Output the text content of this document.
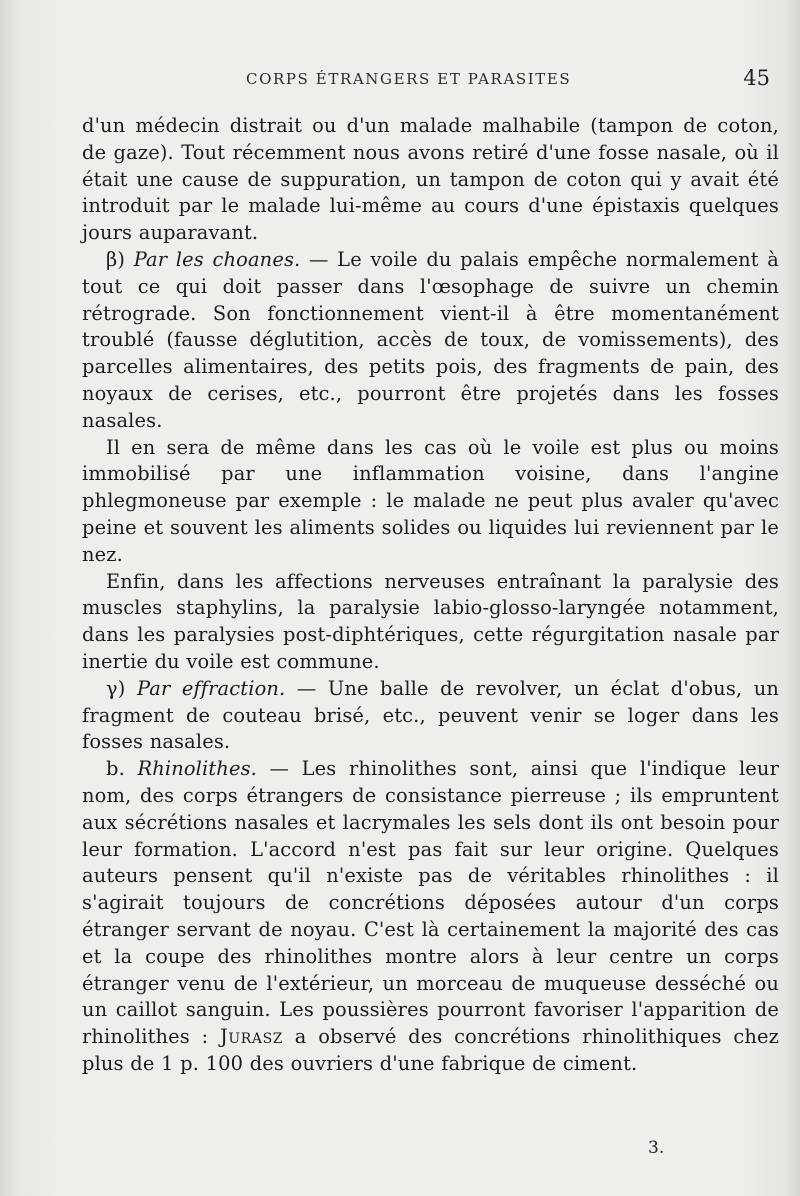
CORPS ÉTRANGERS ET PARASITES	45

d'un médecin distrait ou d'un malade malhabile (tampon de coton, de gaze). Tout récemment nous avons retiré d'une fosse nasale, où il était une cause de suppuration, un tampon de coton qui y avait été introduit par le malade lui-même au cours d'une épistaxis quelques jours auparavant.

β) Par les choanes. — Le voile du palais empêche normalement à tout ce qui doit passer dans l'œsophage de suivre un chemin rétrograde. Son fonctionnement vient-il à être momentanément troublé (fausse déglutition, accès de toux, de vomissements), des parcelles alimentaires, des petits pois, des fragments de pain, des noyaux de cerises, etc., pourront être projetés dans les fosses nasales.

Il en sera de même dans les cas où le voile est plus ou moins immobilisé par une inflammation voisine, dans l'angine phlegmoneuse par exemple : le malade ne peut plus avaler qu'avec peine et souvent les aliments solides ou liquides lui reviennent par le nez.

Enfin, dans les affections nerveuses entraînant la paralysie des muscles staphylins, la paralysie labio-glosso-laryngée notamment, dans les paralysies post-diphtériques, cette régurgitation nasale par inertie du voile est commune.

γ) Par effraction. — Une balle de revolver, un éclat d'obus, un fragment de couteau brisé, etc., peuvent venir se loger dans les fosses nasales.

b. Rhinolithes. — Les rhinolithes sont, ainsi que l'indique leur nom, des corps étrangers de consistance pierreuse ; ils empruntent aux sécrétions nasales et lacrymales les sels dont ils ont besoin pour leur formation. L'accord n'est pas fait sur leur origine. Quelques auteurs pensent qu'il n'existe pas de véritables rhinolithes : il s'agirait toujours de concrétions déposées autour d'un corps étranger servant de noyau. C'est là certainement la majorité des cas et la coupe des rhinolithes montre alors à leur centre un corps étranger venu de l'extérieur, un morceau de muqueuse desséché ou un caillot sanguin. Les poussières pourront favoriser l'apparition de rhinolithes : Jurasz a observé des concrétions rhinolithiques chez plus de 1 p. 100 des ouvriers d'une fabrique de ciment.

3.
